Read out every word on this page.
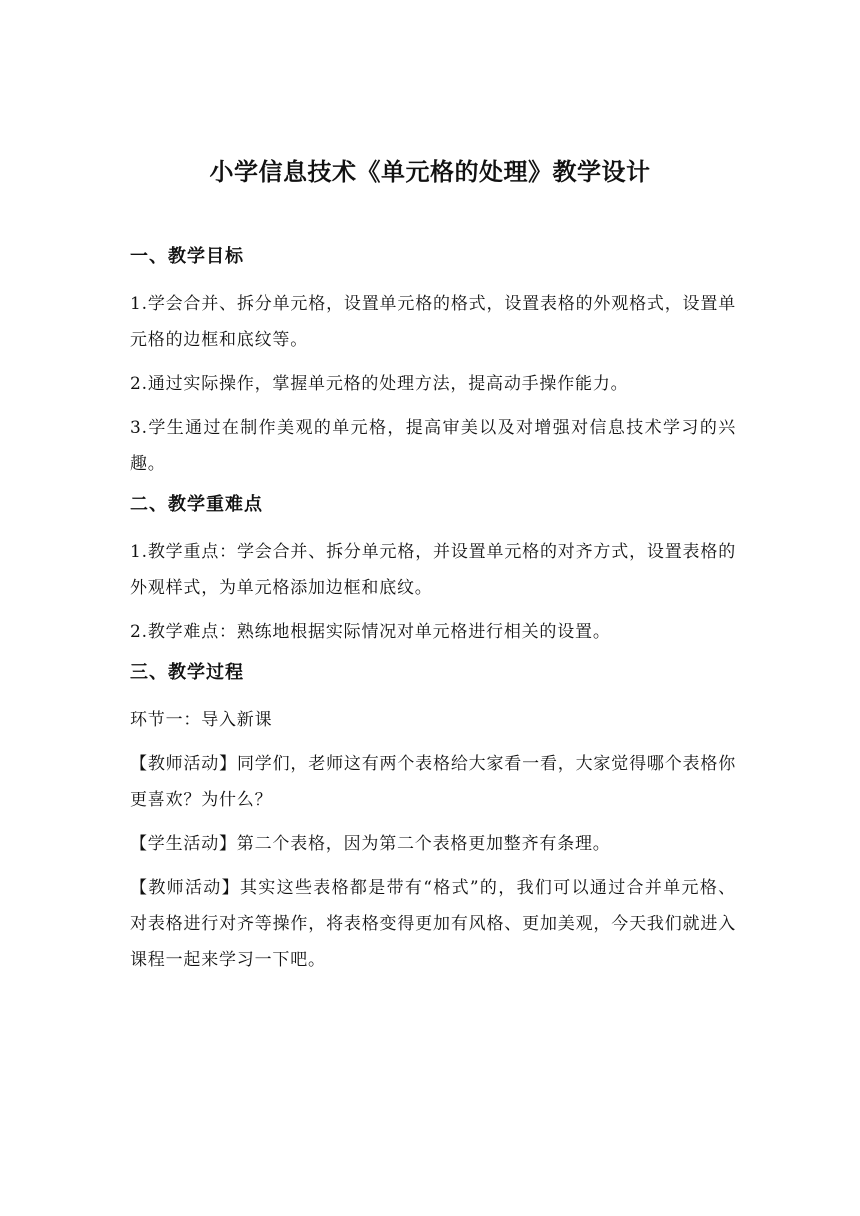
小学信息技术《单元格的处理》教学设计
一、教学目标

1.学会合并、拆分单元格，设置单元格的格式，设置表格的外观格式，设置单元格的边框和底纹等。

2.通过实际操作，掌握单元格的处理方法，提高动手操作能力。

3.学生通过在制作美观的单元格，提高审美以及对增强对信息技术学习的兴趣。

二、教学重难点

1.教学重点：学会合并、拆分单元格，并设置单元格的对齐方式，设置表格的外观样式，为单元格添加边框和底纹。

2.教学难点：熟练地根据实际情况对单元格进行相关的设置。

三、教学过程

环节一：导入新课

【教师活动】同学们，老师这有两个表格给大家看一看，大家觉得哪个表格你更喜欢？为什么？

【学生活动】第二个表格，因为第二个表格更加整齐有条理。

【教师活动】其实这些表格都是带有“格式”的，我们可以通过合并单元格、对表格进行对齐等操作，将表格变得更加有风格、更加美观，今天我们就进入课程一起来学习一下吧。
